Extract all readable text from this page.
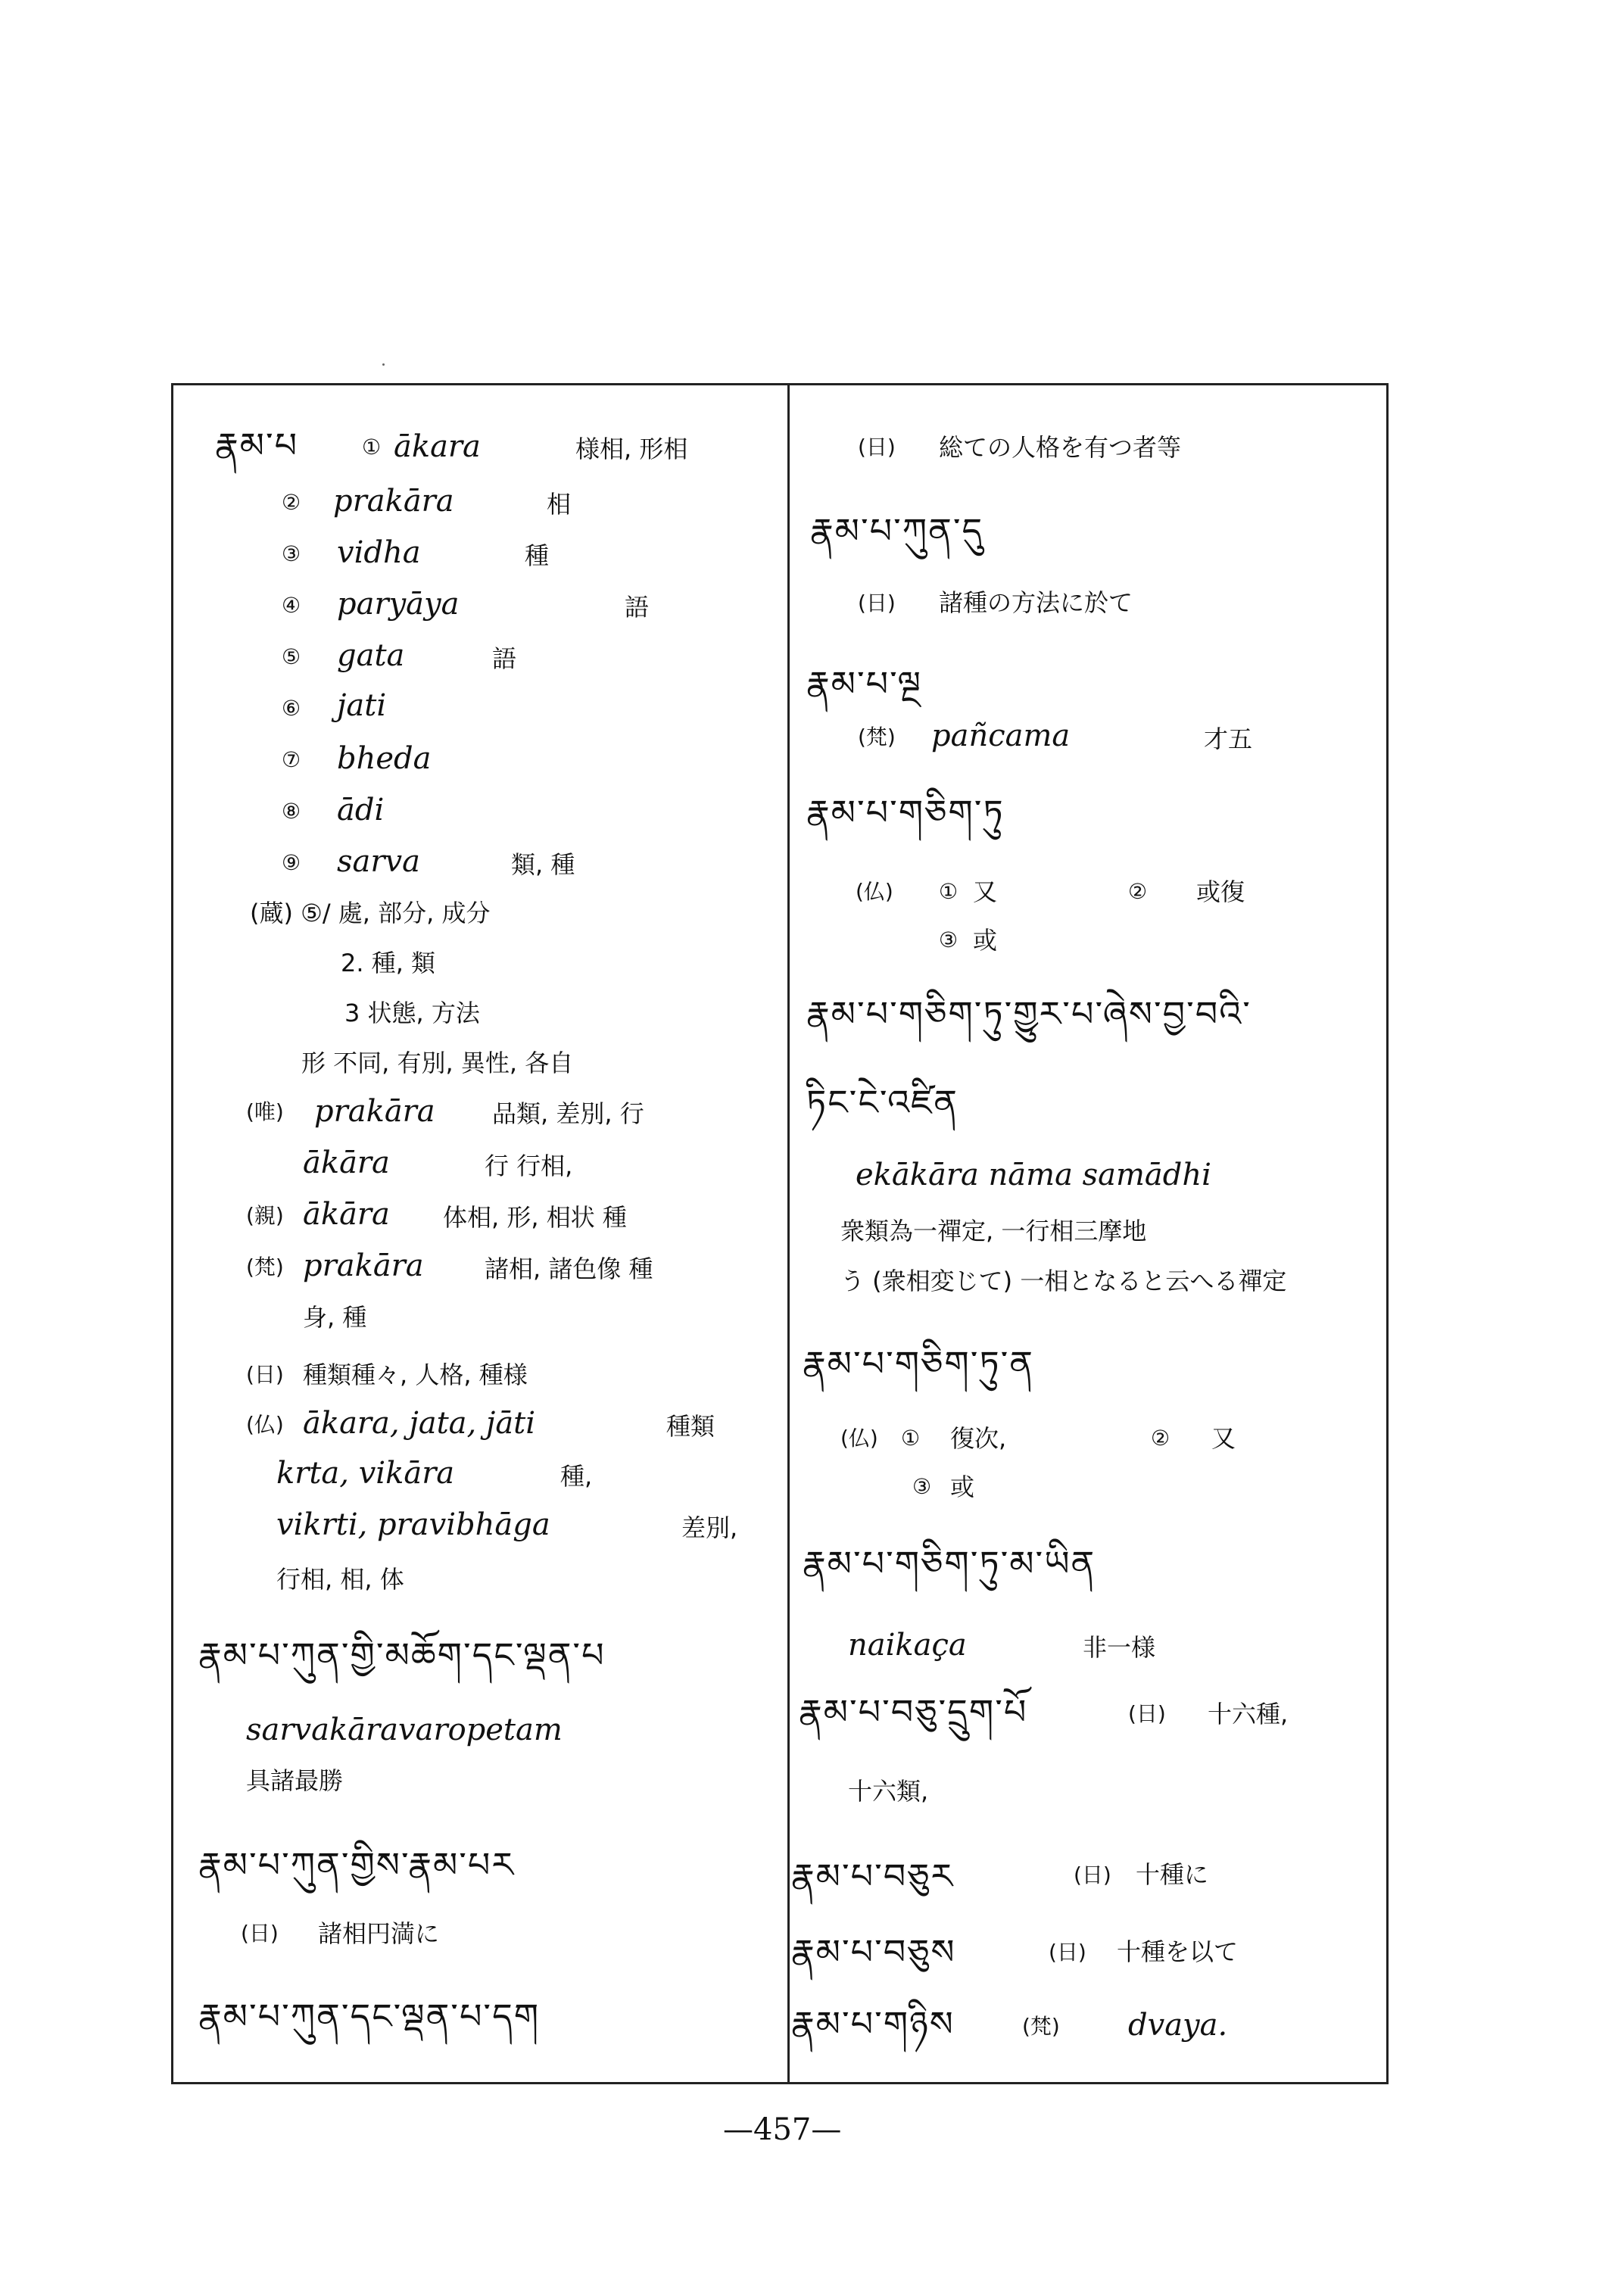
རྣམ་པ	① ākara	様相, 形相
② prakāra	相
③ vidha	種
④ paryāya	語
⑤ gata	語
⑥ jati
⑦ bheda
⑧ ādi
⑨ sarva	類, 種
(蔵) ⑤/ 處, 部分, 成分
2. 種, 類
3 状態, 方法
形 不同, 有別, 異性, 各自
(唯) prakāra 品類, 差別, 行
ākāra	行 行相,
(親) ākāra 体相, 形, 相状 種
(梵) prakāra	諸相, 諸色像 種
身, 種
(日) 種類種々, 人格, 種様
(仏) ākara, jata, jāti	種類
krta, vikāra	種,
vikrti, pravibhāga	差別,
行相, 相, 体
རྣམ་པ་ཀུན་གྱི་མཆོག་དང་ལྡན་པ
sarvakāravaropetam
具諸最勝
རྣམ་པ་ཀུན་གྱིས་རྣམ་པར
(日) 諸相円満に
རྣམ་པ་ཀུན་དང་ལྡན་པ་དག
(日) 総ての人格を有つ者等
རྣམ་པ་ཀུན་དུ
(日) 諸種の方法に於て
རྣམ་པ་ལྔ
(梵) pañcama	才五
རྣམ་པ་གཅིག་ཏུ
(仏) ① 又	② 或復
③ 或
རྣམ་པ་གཅིག་ཏུ་གྱུར་པ་ཞེས་བྱ་བའི་
ཏིང་ངེ་འཛིན
ekākāra nāma samādhi
衆類為一禪定, 一行相三摩地
う (衆相変じて) 一相となると云へる禪定
རྣམ་པ་གཅིག་ཏུ་ན
(仏) ① 復次,	② 又
③ 或
རྣམ་པ་གཅིག་ཏུ་མ་ཡིན
naikaça	非一様
རྣམ་པ་བཅུ་དྲུག་པོ	(日) 十六種,
十六類,
རྣམ་པ་བཅུར	(日) 十種に
རྣམ་པ་བཅུས	(日) 十種を以て
རྣམ་པ་གཉིས	(梵) dvaya.
—457—
